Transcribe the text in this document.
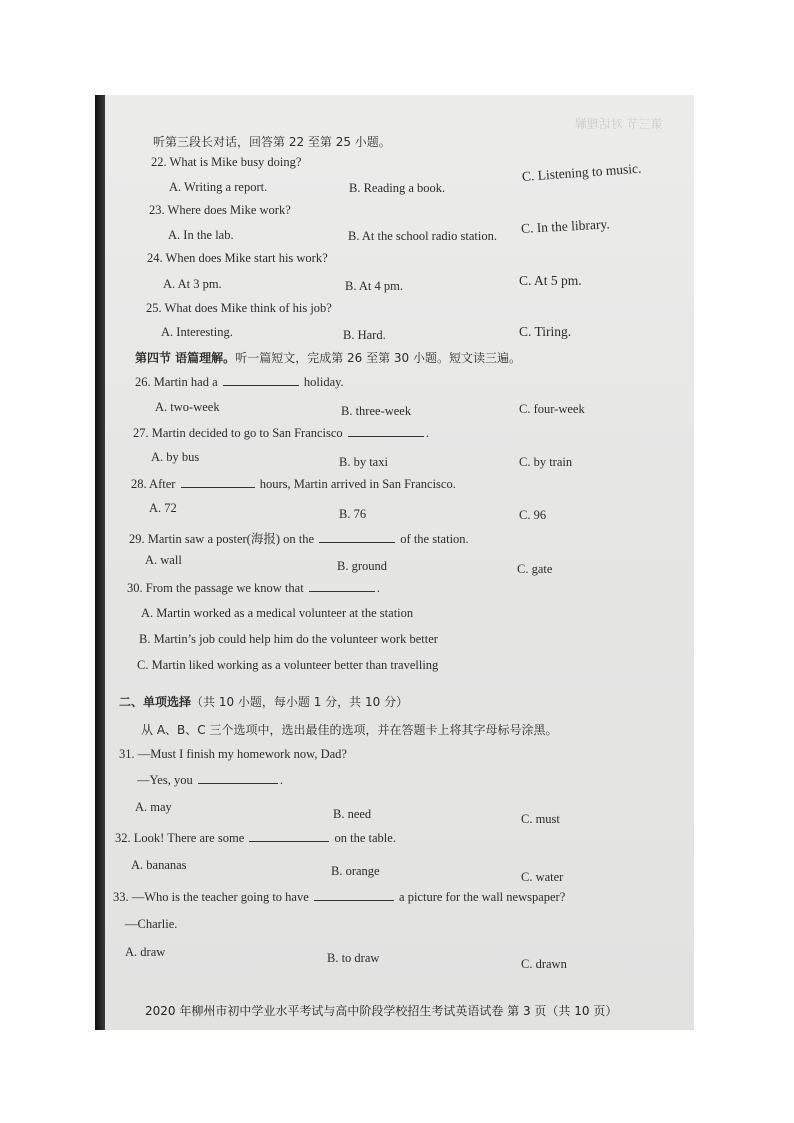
第三节 对话理解
听第三段长对话，回答第 22 至第 25 小题。
22. What is Mike busy doing?
A. Writing a report.	B. Reading a book.
C. Listening to music.
23. Where does Mike work?
A. In the lab.	B. At the school radio station.
C. In the library.
24. When does Mike start his work?
A. At 3 pm.	B. At 4 pm.	C. At 5 pm.
25. What does Mike think of his job?
A. Interesting.	B. Hard.	C. Tiring.
第四节 语篇理解。听一篇短文，完成第 26 至第 30 小题。短文读三遍。
26. Martin had a	holiday.
A. two-week	B. three-week	C. four-week
27. Martin decided to go to San Francisco	.
A. by bus	B. by taxi	C. by train
28. After	hours, Martin arrived in San Francisco.
A. 72	B. 76	C. 96
29. Martin saw a poster(海报) on the	of the station.
A. wall	B. ground	C. gate
30. From the passage we know that	.
A. Martin worked as a medical volunteer at the station
B. Martin’s job could help him do the volunteer work better
C. Martin liked working as a volunteer better than travelling
二、单项选择（共 10 小题，每小题 1 分，共 10 分）
从 A、B、C 三个选项中，选出最佳的选项，并在答题卡上将其字母标号涂黑。
31. —Must I finish my homework now, Dad?
—Yes, you	.
A. may	B. need	C. must
32. Look! There are some	on the table.
A. bananas	B. orange	C. water
33. —Who is the teacher going to have	a picture for the wall newspaper?
—Charlie.
A. draw	B. to draw	C. drawn
2020 年柳州市初中学业水平考试与高中阶段学校招生考试英语试卷 第 3 页（共 10 页）
